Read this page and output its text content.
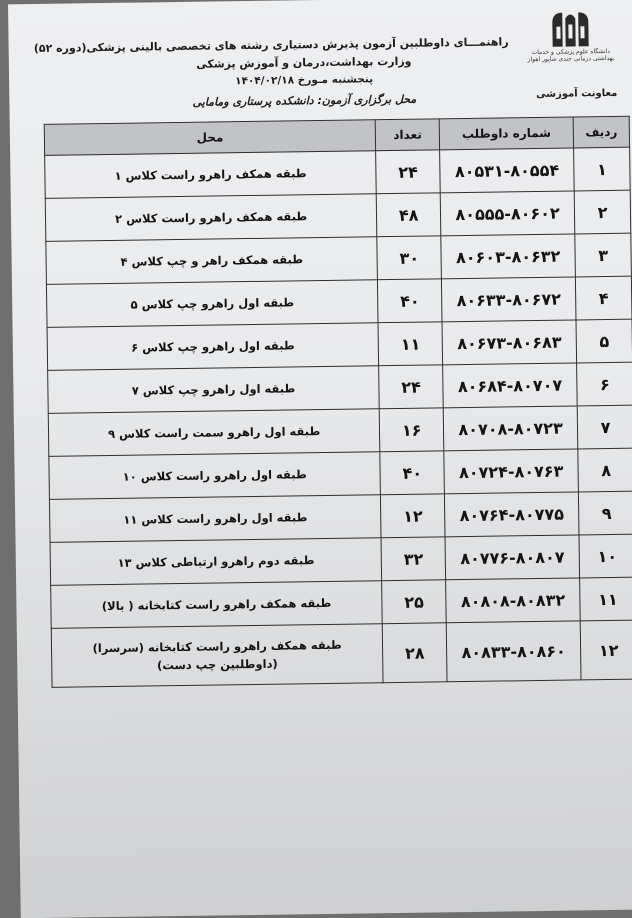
دانشگاه علوم پزشکی و خدمات بهداشتی درمانی جندی شاپور اهواز
راهنمـــای داوطلبین آزمون پذیرش دستیاری رشته های تخصصی بالینی پزشکی(دوره ۵۲)
وزارت بهداشت،درمان و آموزش پزشکی
پنجشنبه مـورخ ۱۴۰۴/۰۲/۱۸
محل برگزاری آزمون: دانشکده پرستاری ومامایی	معاونت آموزشی
ردیف	شماره داوطلب	تعداد	محل
۱	۸۰۵۳۱-۸۰۵۵۴	۲۴	طبقه همکف راهرو راست کلاس ۱

۲	۸۰۵۵۵-۸۰۶۰۲	۴۸	طبقه همکف راهرو راست کلاس ۲

۳	۸۰۶۰۳-۸۰۶۳۲	۳۰	طبقه همکف راهر و چپ کلاس ۴

۴	۸۰۶۳۳-۸۰۶۷۲	۴۰	طبقه اول راهرو چپ کلاس ۵

۵	۸۰۶۷۳-۸۰۶۸۳	۱۱	طبقه اول راهرو چپ کلاس ۶

۶	۸۰۶۸۴-۸۰۷۰۷	۲۴	طبقه اول راهرو چپ کلاس ۷

۷	۸۰۷۰۸-۸۰۷۲۳	۱۶	طبقه اول راهرو سمت راست کلاس ۹

۸	۸۰۷۲۴-۸۰۷۶۳	۴۰	طبقه اول راهرو راست کلاس ۱۰

۹	۸۰۷۶۴-۸۰۷۷۵	۱۲	طبقه اول راهرو راست کلاس ۱۱

۱۰	۸۰۷۷۶-۸۰۸۰۷	۳۲	طبقه دوم راهرو ارتباطی کلاس ۱۳

۱۱	۸۰۸۰۸-۸۰۸۳۲	۲۵	طبقه همکف راهرو راست کتابخانه ( بالا)

۱۲	۸۰۸۳۳-۸۰۸۶۰	۲۸	طبقه همکف راهرو راست کتابخانه (سرسرا)
(داوطلبین چپ دست)
